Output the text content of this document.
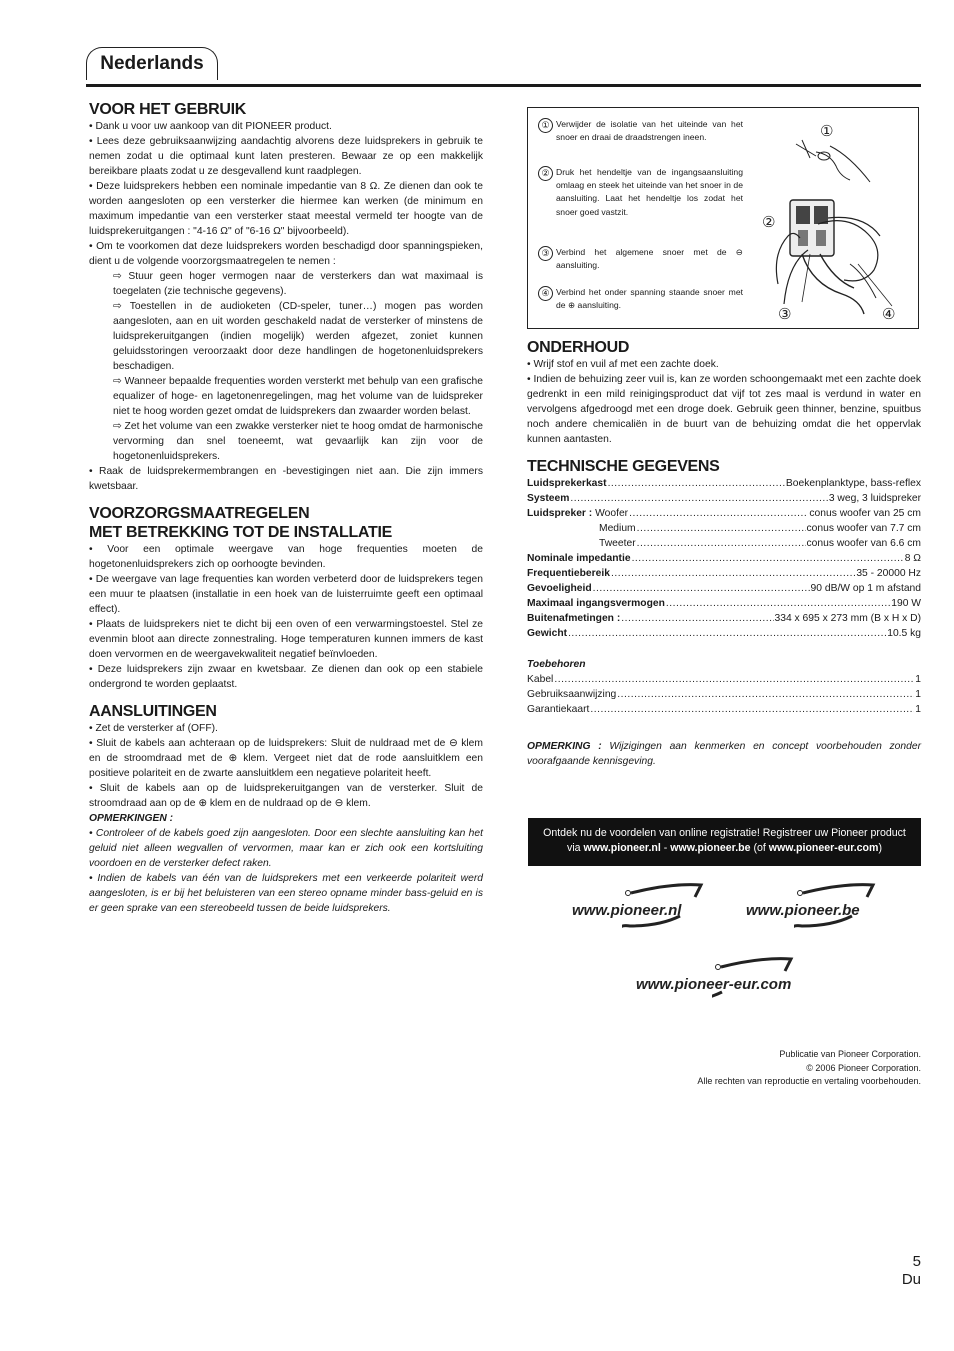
Nederlands
VOOR HET GEBRUIK

• Dank u voor uw aankoop van dit PIONEER product.

• Lees deze gebruiksaanwijzing aandachtig alvorens deze luidsprekers in gebruik te nemen zodat u die optimaal kunt laten presteren. Bewaar ze op een makkelijk bereikbare plaats zodat u ze desgevallend kunt raadplegen.

• Deze luidsprekers hebben een nominale impedantie van 8 Ω. Ze dienen dan ook te worden aangesloten op een versterker die hiermee kan werken (de minimum en maximum impedantie van een versterker staat meestal vermeld ter hoogte van de luidsprekeruitgangen : "4-16 Ω" of "6-16 Ω" bijvoorbeeld).

• Om te voorkomen dat deze luidsprekers worden beschadigd door spanningspieken, dient u de volgende voorzorgsmaatregelen te nemen :

⇨ Stuur geen hoger vermogen naar de versterkers dan wat maximaal is toegelaten (zie technische gegevens).

⇨ Toestellen in de audioketen (CD-speler, tuner…) mogen pas worden aangesloten, aan en uit worden geschakeld nadat de versterker of minstens de luidsprekeruitgangen (indien mogelijk) werden afgezet, zoniet kunnen geluidsstoringen veroorzaakt door deze handlingen de hogetonenluidsprekers beschadigen.

⇨ Wanneer bepaalde frequenties worden versterkt met behulp van een grafische equalizer of hoge- en lagetonenregelingen, mag het volume van de luidspreker niet te hoog worden gezet omdat de luidsprekers dan zwaarder worden belast.

⇨ Zet het volume van een zwakke versterker niet te hoog omdat de harmonische vervorming dan snel toeneemt, wat gevaarlijk kan zijn voor de hogetonenluidsprekers.

• Raak de luidsprekermembrangen en -bevestigingen niet aan. Die zijn immers kwetsbaar.

VOORZORGSMAATREGELEN
MET BETREKKING TOT DE INSTALLATIE

• Voor een optimale weergave van hoge frequenties moeten de hogetonenluidsprekers zich op oorhoogte bevinden.

• De weergave van lage frequenties kan worden verbeterd door de luidsprekers tegen een muur te plaatsen (installatie in een hoek van de luisterruimte geeft een optimaal effect).

• Plaats de luidsprekers niet te dicht bij een oven of een verwarmingstoestel. Stel ze evenmin bloot aan directe zonnestraling. Hoge temperaturen kunnen immers de kast doen vervormen en de weergavekwaliteit negatief beïnvloeden.

• Deze luidsprekers zijn zwaar en kwetsbaar. Ze dienen dan ook op een stabiele ondergrond te worden geplaatst.

AANSLUITINGEN

• Zet de versterker af (OFF).

• Sluit de kabels aan achteraan op de luidsprekers: Sluit de nuldraad met de ⊖ klem en de stroomdraad met de ⊕ klem. Vergeet niet dat de rode aansluitklem een positieve polariteit en de zwarte aansluitklem een negatieve polariteit heeft.

• Sluit de kabels aan op de luidsprekeruitgangen van de versterker. Sluit de stroomdraad aan op de ⊕ klem en de nuldraad op de ⊖ klem.

OPMERKINGEN :

• Controleer of de kabels goed zijn aangesloten. Door een slechte aansluiting kan het geluid niet alleen wegvallen of vervormen, maar kan er zich ook een kortsluiting voordoen en de versterker defect raken.

• Indien de kabels van één van de luidsprekers met een verkeerde polariteit werd aangesloten, is er bij het beluisteren van een stereo opname minder bass-geluid en is er geen sprake van een stereobeeld tussen de beide luidsprekers.

① Verwijder de isolatie van het uiteinde van het snoer en draai de draadstrengen ineen.
② Druk het hendeltje van de ingangsaansluiting omlaag en steek het uiteinde van het snoer in de aansluiting. Laat het hendeltje los zodat het snoer goed vastzit.
③ Verbind het algemene snoer met de ⊖ aansluiting.
④ Verbind het onder spanning staande snoer met de ⊕ aansluiting.
①
②
③	④
ONDERHOUD

• Wrijf stof en vuil af met een zachte doek.

• Indien de behuizing zeer vuil is, kan ze worden schoongemaakt met een zachte doek gedrenkt in een mild reinigingsproduct dat vijf tot zes maal is verdund in water en vervolgens afgedroogd met een droge doek. Gebruik geen thinner, benzine, spuitbus noch andere chemicaliën in de buurt van de behuizing omdat die het oppervlak kunnen aantasten.

TECHNISCHE GEGEVENS
Luidsprekerkast .....	Boekenplanktype, bass-reflex
Systeem .....	3 weg, 3 luidspreker
Luidspreker :
Woofer .....	conus woofer van 25 cm
Medium .....	conus woofer van 7.7 cm
Tweeter .....	conus woofer van 6.6 cm
Nominale impedantie .....	8 Ω
Frequentiebereik .....	35 - 20000 Hz
Gevoeligheid .....	90 dB/W op 1 m afstand
Maximaal ingangsvermogen .....	190 W
Buitenafmetingen : .....	334 x 695 x 273 mm (B x H x D)
Gewicht .....	10.5 kg

Toebehoren

Kabel .....	1
Gebruiksaanwijzing .....	1
Garantiekaart .....	1

OPMERKING : Wijzigingen aan kenmerken en concept voorbehouden zonder voorafgaande kennisgeving.

Ontdek nu de voordelen van online registratie! Registreer uw Pioneer product via www.pioneer.nl - www.pioneer.be (of www.pioneer-eur.com)
www.pioneer.nl	www.pioneer.be
www.pioneer-eur.com
Publicatie van Pioneer Corporation.
© 2006 Pioneer Corporation.
Alle rechten van reproductie en vertaling voorbehouden.
5
Du
